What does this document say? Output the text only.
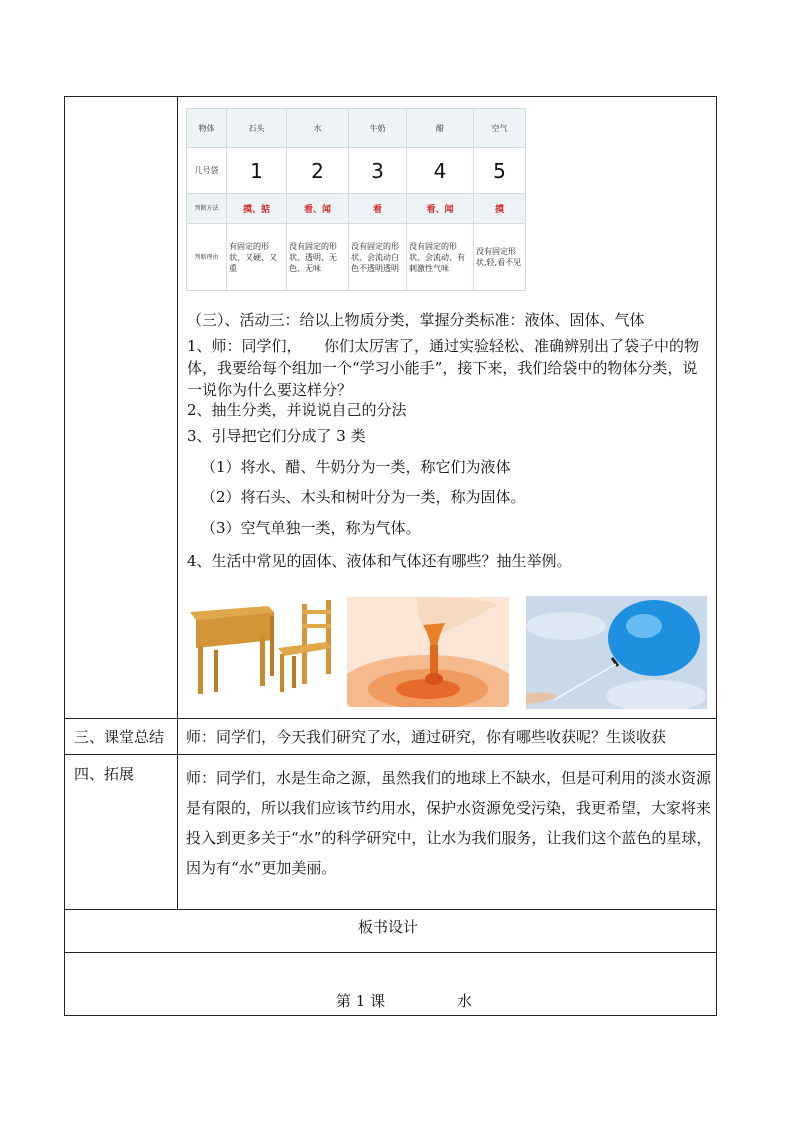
物体	石头	水	牛奶	醋	空气
几号袋	1	2	3	4	5
判断方法	摸、掂	看、闻	看	看、闻	摸
判断理由	有固定的形状、又硬、又重	没有固定的形状、透明、无色、无味	没有固定的形状、会流动白色不透明透明	没有固定的形状、会流动、有刺激性气味	没有固定形状,轻,看不见
（三）、活动三：给以上物质分类，掌握分类标准：液体、固体、气体
1、师：同学们，　　你们太厉害了，通过实验轻松、准确辨别出了袋子中的物体，我要给每个组加一个“学习小能手”，接下来，我们给袋中的物体分类，说一说你为什么要这样分？
2、抽生分类，并说说自己的分法
3、引导把它们分成了 3 类
（1）将水、醋、牛奶分为一类，称它们为液体
（2）将石头、木头和树叶分为一类，称为固体。
（3）空气单独一类，称为气体。
4、生活中常见的固体、液体和气体还有哪些？抽生举例。
三、课堂总结 师：同学们，今天我们研究了水，通过研究，你有哪些收获呢？生谈收获
四、拓展	师：同学们，水是生命之源，虽然我们的地球上不缺水，但是可利用的淡水资源是有限的，所以我们应该节约用水，保护水资源免受污染，我更希望，大家将来投入到更多关于“水”的科学研究中，让水为我们服务，让我们这个蓝色的星球，因为有“水”更加美丽。
板书设计
第 1 课	水
